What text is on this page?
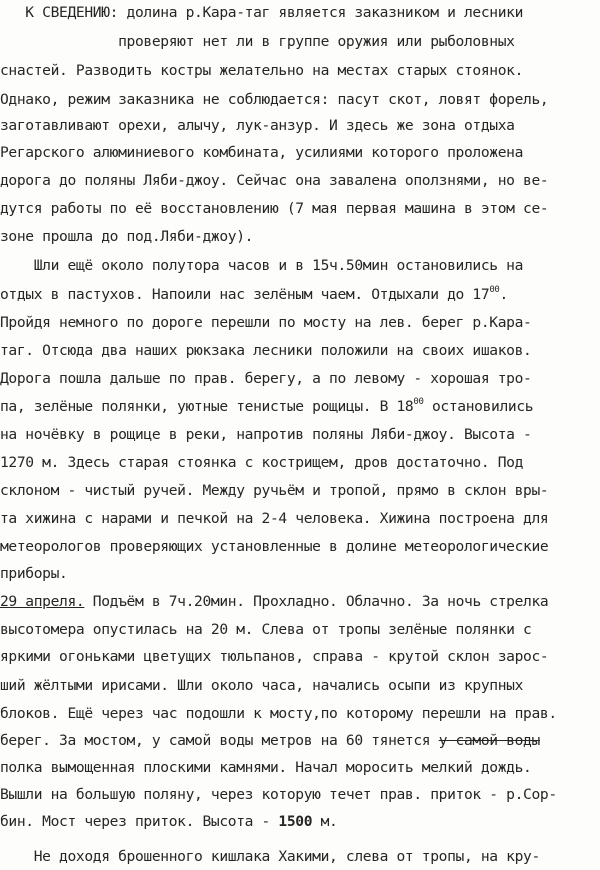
К СВЕДЕНИЮ: долина р.Кара-таг является заказником и лесники
проверяют нет ли в группе оружия или рыболовных
снастей. Разводить костры желательно на местах старых стоянок.
Однако, режим заказника не соблюдается: пасут скот, ловят форель,
заготавливают орехи, алычу, лук-анзур. И здесь же зона отдыха
Регарского алюминиевого комбината, усилиями которого проложена
дорога до поляны Ляби-джоу. Сейчас она завалена оползнями, но ве-
дутся работы по её восстановлению (7 мая первая машина в этом се-
зоне прошла до под.Ляби-джоу).
Шли ещё около полутора часов и в 15ч.50мин остановились на
отдых в пастухов. Напоили нас зелёным чаем. Отдыхали до $17^{00}$.
Пройдя немного по дороге перешли по мосту на лев. берег р.Кара-
таг. Отсюда два наших рюкзака лесники положили на своих ишаков.
Дорога пошла дальше по прав. берегу, а по левому - хорошая тро-
па, зелёные полянки, уютные тенистые рощицы. В $18^{00}$ остановились
на ночёвку в рощице в реки, напротив поляны Ляби-джоу. Высота -
1270 м. Здесь старая стоянка с кострищем, дров достаточно. Под
склоном - чистый ручей. Между ручьём и тропой, прямо в склон вры-
та хижина с нарами и печкой на 2-4 человека. Хижина построена для
метеорологов проверяющих установленные в долине метеорологические
приборы.
29 апреля. Подъём в 7ч.20мин. Прохладно. Облачно. За ночь стрелка
высотомера опустилась на 20 м. Слева от тропы зелёные полянки с
яркими огоньками цветущих тюльпанов, справа - крутой склон зарос-
ший жёлтыми ирисами. Шли около часа, начались осыпи из крупных
блоков. Ещё через час подошли к мосту,по которому перешли на прав.
берег. За мостом, у самой воды метров на 60 тянется у самой воды
полка вымощенная плоскими камнями. Начал моросить мелкий дождь.
Вышли на большую поляну, через которую течет прав. приток - р.Сор-
бин. Мост через приток. Высота - 1500 м.
Не доходя брошенного кишлака Хакими, слева от тропы, на кру-
